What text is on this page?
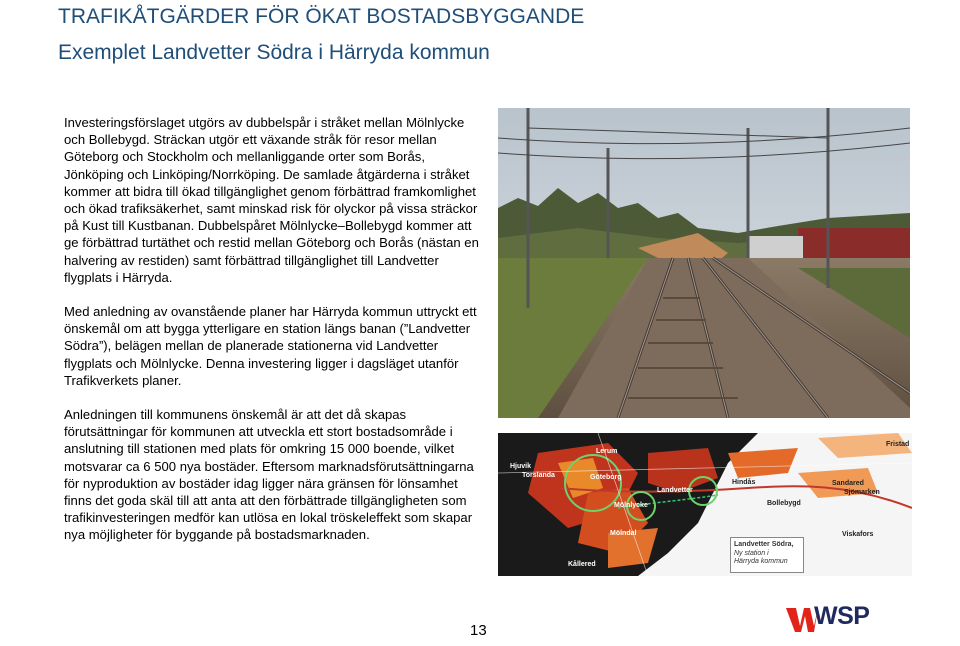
TRAFIKÅTGÄRDER FÖR ÖKAT BOSTADSBYGGANDE
Exemplet Landvetter Södra i Härryda kommun

Investeringsförslaget utgörs av dubbelspår i stråket mellan Mölnlycke och Bollebygd. Sträckan utgör ett växande stråk för resor mellan Göteborg och Stockholm och mellanliggande orter som Borås, Jönköping och Linköping/Norrköping. De samlade åtgärderna i stråket kommer att bidra till ökad tillgänglighet genom förbättrad framkomlighet och ökad trafiksäkerhet, samt minskad risk för olyckor på vissa sträckor på Kust till Kustbanan. Dubbelspåret Mölnlycke–Bollebygd kommer att ge förbättrad turtäthet och restid mellan Göteborg och Borås (nästan en halvering av restiden) samt förbättrad tillgänglighet till Landvetter flygplats i Härryda.

Med anledning av ovanstående planer har Härryda kommun uttryckt ett önskemål om att bygga ytterligare en station längs banan (”Landvetter Södra”), belägen mellan de planerade stationerna vid Landvetter flygplats och Mölnlycke. Denna investering ligger i dagsläget utanför Trafikverkets planer.

Anledningen till kommunens önskemål är att det då skapas förutsättningar för kommunen att utveckla ett stort bostadsområde i anslutning till stationen med plats för omkring 15 000 boende, vilket motsvarar ca 6 500 nya bostäder. Eftersom marknadsförutsättningarna för nyproduktion av bostäder idag ligger nära gränsen för lönsamhet finns det goda skäl till att anta att den förbättrade tillgängligheten som trafikinvesteringen medför kan utlösa en lokal tröskeleffekt som skapar nya möjligheter för byggande på bostadsmarknaden.

Fristad
Lerum
Hjuvik
Torslanda	Göteborg
Hindås
Landvetter
Sandared
Sjömarken
Bollebygd
Mölnlycke
Mölndal	Viskafors
Kållered
Landvetter Södra,
Ny station i
Härryda kommun
13
WSP
